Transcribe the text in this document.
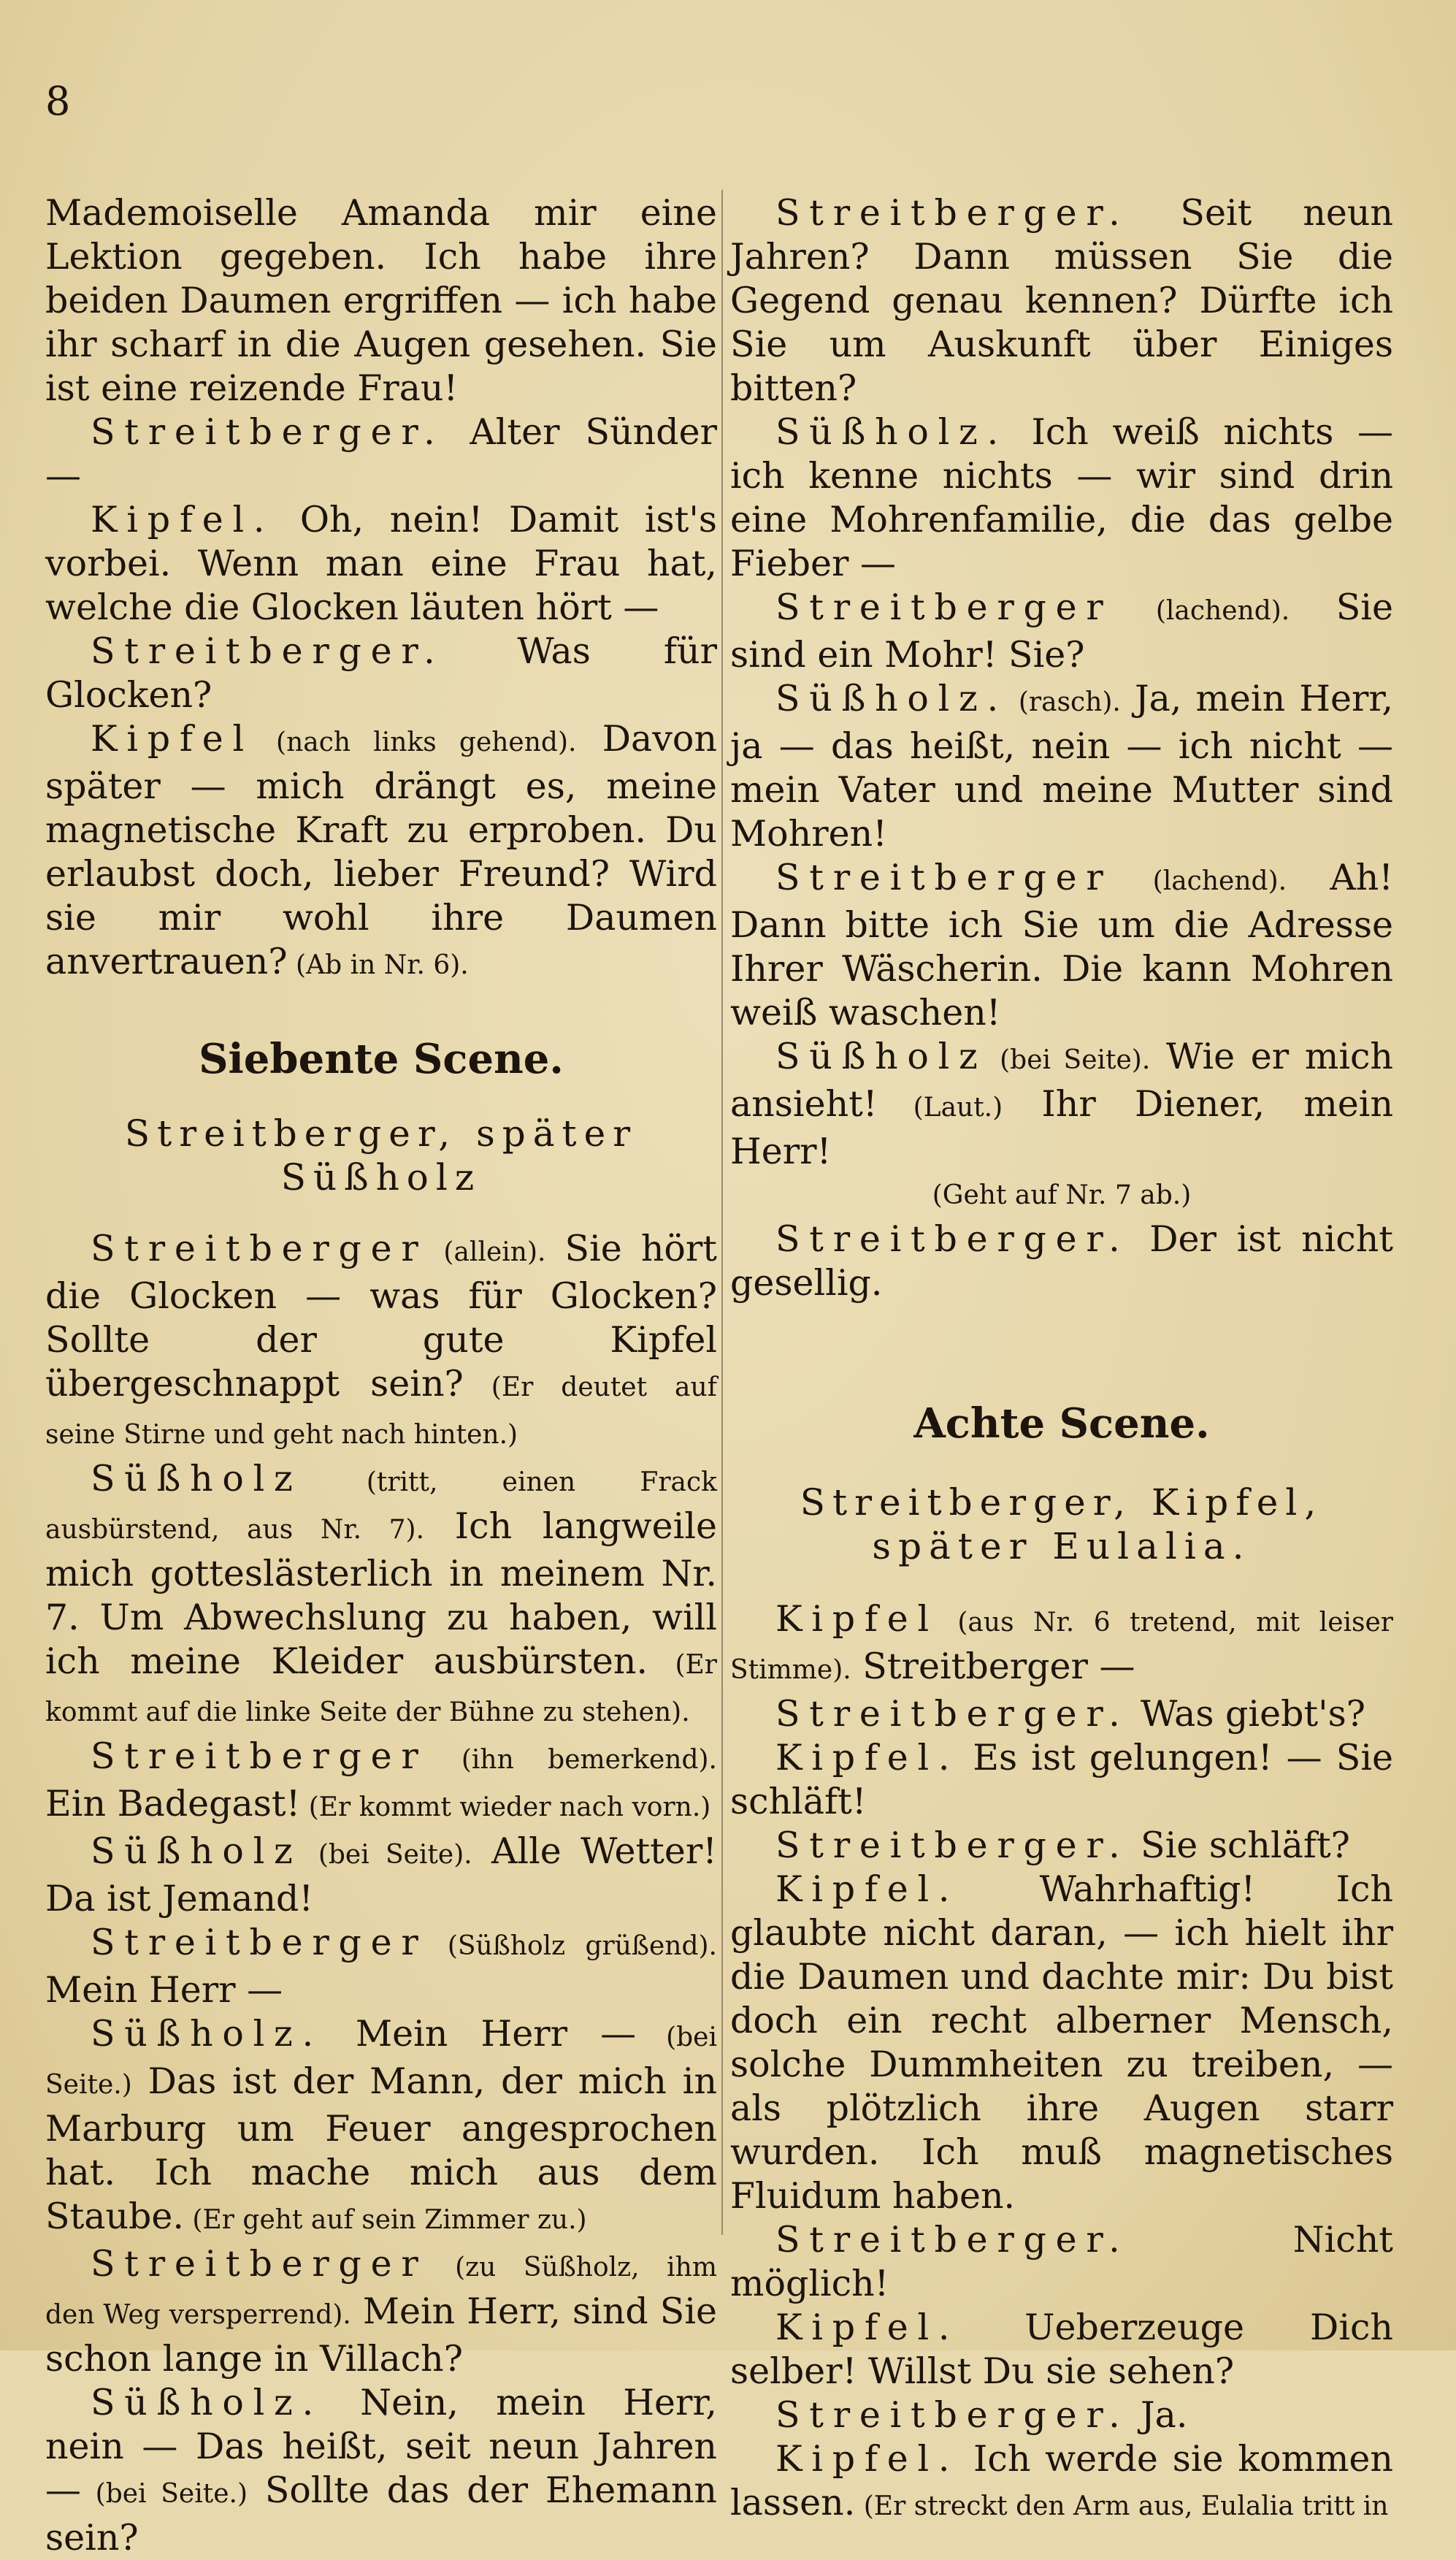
8

Mademoiselle Amanda mir eine Lektion gegeben. Ich habe ihre beiden Daumen ergriffen — ich habe ihr scharf in die Augen gesehen. Sie ist eine reizende Frau!

Streitberger. Alter Sünder —

Kipfel. Oh, nein! Damit ist's vorbei. Wenn man eine Frau hat, welche die Glocken läuten hört —

Streitberger. Was für Glocken?

Kipfel (nach links gehend). Davon später — mich drängt es, meine magnetische Kraft zu erproben. Du erlaubst doch, lieber Freund? Wird sie mir wohl ihre Daumen anvertrauen? (Ab in Nr. 6).

Siebente Scene.
Streitberger, später Süßholz

Streitberger (allein). Sie hört die Glocken — was für Glocken? Sollte der gute Kipfel übergeschnappt sein? (Er deutet auf seine Stirne und geht nach hinten.)

Süßholz (tritt, einen Frack ausbürstend, aus Nr. 7). Ich langweile mich gotteslästerlich in meinem Nr. 7. Um Abwechslung zu haben, will ich meine Kleider ausbürsten. (Er kommt auf die linke Seite der Bühne zu stehen).

Streitberger (ihn bemerkend). Ein Badegast! (Er kommt wieder nach vorn.)

Süßholz (bei Seite). Alle Wetter! Da ist Jemand!

Streitberger (Süßholz grüßend). Mein Herr —

Süßholz. Mein Herr — (bei Seite.) Das ist der Mann, der mich in Marburg um Feuer angesprochen hat. Ich mache mich aus dem Staube. (Er geht auf sein Zimmer zu.)

Streitberger (zu Süßholz, ihm den Weg versperrend). Mein Herr, sind Sie schon lange in Villach?

Süßholz. Nein, mein Herr, nein — Das heißt, seit neun Jahren — (bei Seite.) Sollte das der Ehemann sein?

Streitberger. Seit neun Jahren? Dann müssen Sie die Gegend genau kennen? Dürfte ich Sie um Auskunft über Einiges bitten?

Süßholz. Ich weiß nichts — ich kenne nichts — wir sind drin eine Mohrenfamilie, die das gelbe Fieber —

Streitberger (lachend). Sie sind ein Mohr! Sie?

Süßholz. (rasch). Ja, mein Herr, ja — das heißt, nein — ich nicht — mein Vater und meine Mutter sind Mohren!

Streitberger (lachend). Ah! Dann bitte ich Sie um die Adresse Ihrer Wäscherin. Die kann Mohren weiß waschen!

Süßholz (bei Seite). Wie er mich ansieht! (Laut.) Ihr Diener, mein Herr!

(Geht auf Nr. 7 ab.)

Streitberger. Der ist nicht gesellig.

Achte Scene.
Streitberger, Kipfel, später Eulalia.

Kipfel (aus Nr. 6 tretend, mit leiser Stimme). Streitberger —

Streitberger. Was giebt's?

Kipfel. Es ist gelungen! — Sie schläft!

Streitberger. Sie schläft?

Kipfel. Wahrhaftig! Ich glaubte nicht daran, — ich hielt ihr die Daumen und dachte mir: Du bist doch ein recht alberner Mensch, solche Dummheiten zu treiben, — als plötzlich ihre Augen starr wurden. Ich muß magnetisches Fluidum haben.

Streitberger. Nicht möglich!

Kipfel. Ueberzeuge Dich selber! Willst Du sie sehen?

Streitberger. Ja.

Kipfel. Ich werde sie kommen lassen. (Er streckt den Arm aus, Eulalia tritt in
